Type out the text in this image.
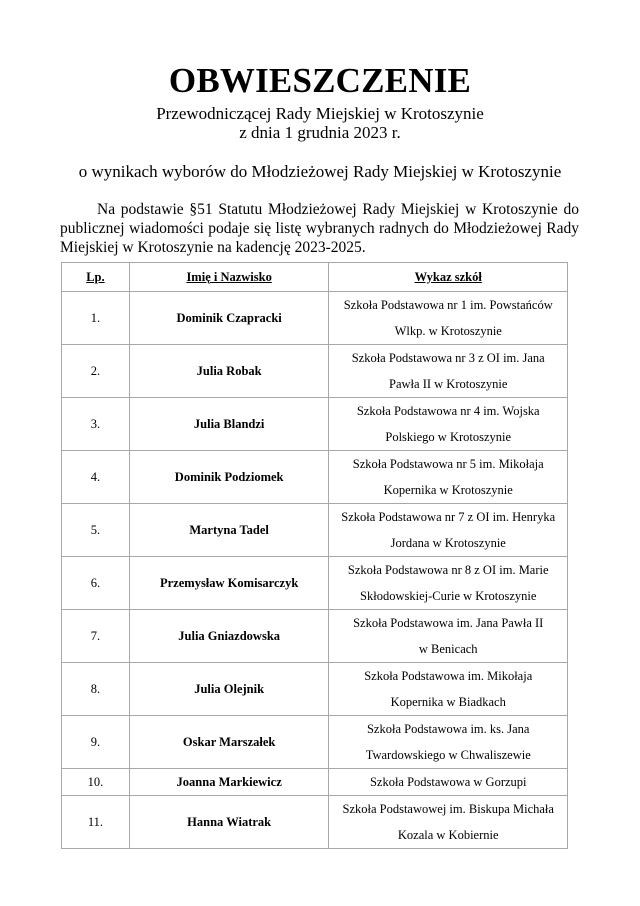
OBWIESZCZENIE
Przewodniczącej Rady Miejskiej w Krotoszynie
z dnia 1 grudnia 2023 r.
o wynikach wyborów do Młodzieżowej Rady Miejskiej w Krotoszynie

Na podstawie §51 Statutu Młodzieżowej Rady Miejskiej w Krotoszynie do publicznej wiadomości podaje się listę wybranych radnych do Młodzieżowej Rady Miejskiej w Krotoszynie na kadencję 2023-2025.

Lp.	Imię i Nazwisko	Wykaz szkół
1.	Dominik Czapracki	Szkoła Podstawowa nr 1 im. Powstańców
Wlkp. w Krotoszynie
2.	Julia Robak	Szkoła Podstawowa nr 3 z OI im. Jana
Pawła II w Krotoszynie
3.	Julia Blandzi	Szkoła Podstawowa nr 4 im. Wojska
Polskiego w Krotoszynie
4.	Dominik Podziomek	Szkoła Podstawowa nr 5 im. Mikołaja
Kopernika w Krotoszynie
5.	Martyna Tadel	Szkoła Podstawowa nr 7 z OI im. Henryka
Jordana w Krotoszynie
6.	Przemysław Komisarczyk	Szkoła Podstawowa nr 8 z OI im. Marie
Skłodowskiej-Curie w Krotoszynie
7.	Julia Gniazdowska	Szkoła Podstawowa im. Jana Pawła II
w Benicach
8.	Julia Olejnik	Szkoła Podstawowa im. Mikołaja
Kopernika w Biadkach
9.	Oskar Marszałek	Szkoła Podstawowa im. ks. Jana
Twardowskiego w Chwaliszewie
10.	Joanna Markiewicz	Szkoła Podstawowa w Gorzupi
11.	Hanna Wiatrak	Szkoła Podstawowej im. Biskupa Michała
Kozala w Kobiernie
